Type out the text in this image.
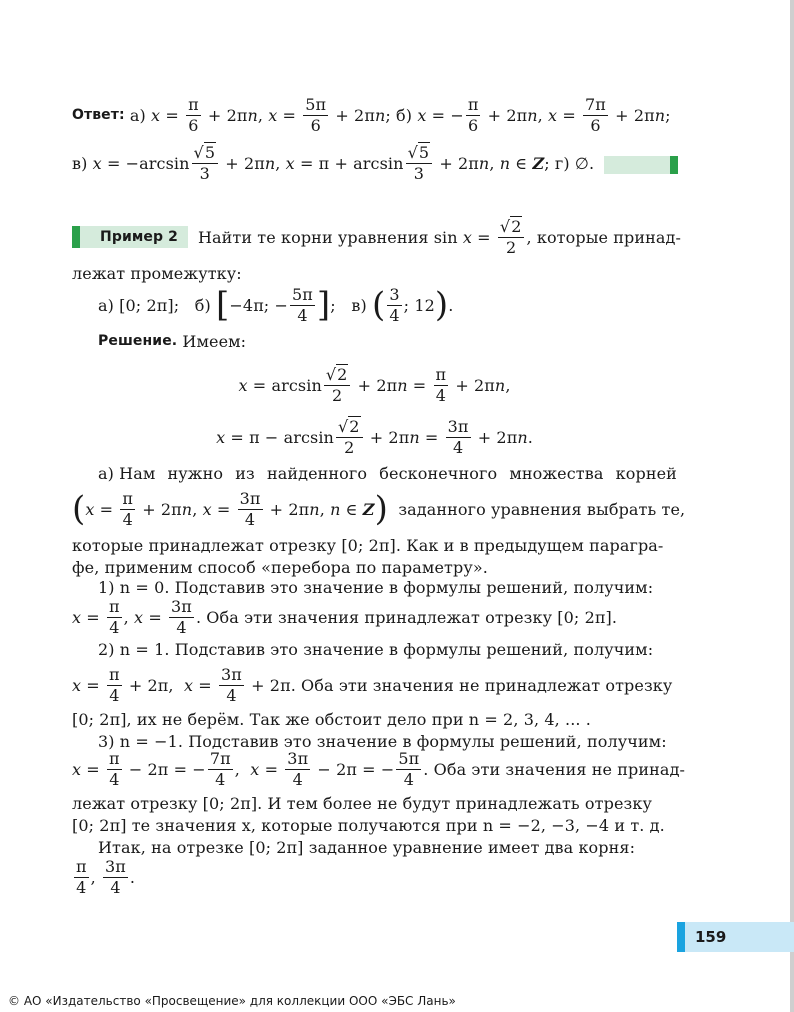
Ответ:
а) $x = \frac{\pi}{6} + 2\pi n$, $x = \frac{5\pi}{6} + 2\pi n$; б) x = − $\frac{\pi}{6} + 2\pi n$, $x = \frac{7\pi}{6} + 2\pi n$;
в) $x = -\arcsin \frac{√5}{3} + 2\pi n$, $x = \pi + \arcsin \frac{√5}{3} + 2\pi n$, n ∈
Z ; г)
∅.
Пример 2	Найти те корни уравнения $\sin x = \frac{√2}{2}$ , которые принад-
лежат промежутку:
а) [0; 2π];
б)
[ −4π; − $\frac{5\pi}{4}$ ] ; в)
( $\frac{3}{4}$ ; 12 ) .
Решение.
Имеем:
$x = \arcsin \frac{√2}{2} + 2\pi n = \frac{\pi}{4} + 2\pi n$,
$x = \pi - \arcsin \frac{√2}{2} + 2\pi n = \frac{3\pi}{4} + 2\pi n$.
а) Нам нужно из найденного бесконечного множества корней
( $x = \frac{\pi}{4} + 2\pi n$, $x = \frac{3\pi}{4} + 2\pi n$, n ∈ Z )
заданного уравнения выбрать те,
которые принадлежат отрезку [0; 2π]. Как и в предыдущем парагра-
фе, применим способ «перебора по параметру».
1) n = 0. Подставив это значение в формулы решений, получим:
$x = \frac{\pi}{4}$ , $x = \frac{3\pi}{4}$ . Оба эти значения принадлежат отрезку [0; 2π].
2) n = 1. Подставив это значение в формулы решений, получим:
$x = \frac{\pi}{4} + 2\pi$,  $x = \frac{3\pi}{4} + 2\pi$ . Оба эти значения не принадлежат отрезку
[0; 2π], их не берём. Так же обстоит дело при n = 2, 3, 4, ... .
3) n = −1. Подставив это значение в формулы решений, получим:
$x = \frac{\pi}{4} - 2\pi$ = − $\frac{7\pi}{4}$ ,  $x = \frac{3\pi}{4} - 2\pi$ = − $\frac{5\pi}{4}$ . Оба эти значения не принад-
лежат отрезку [0; 2π]. И тем более не будут принадлежать отрезку
[0; 2π] те значения x, которые получаются при n = −2, −3, −4 и т. д.
Итак, на отрезке [0; 2π] заданное уравнение имеет два корня:
$\frac{\pi}{4}$ , $\frac{3\pi}{4}$ .
159
© АО «Издательство «Просвещение» для коллекции ООО «ЭБС Лань»
